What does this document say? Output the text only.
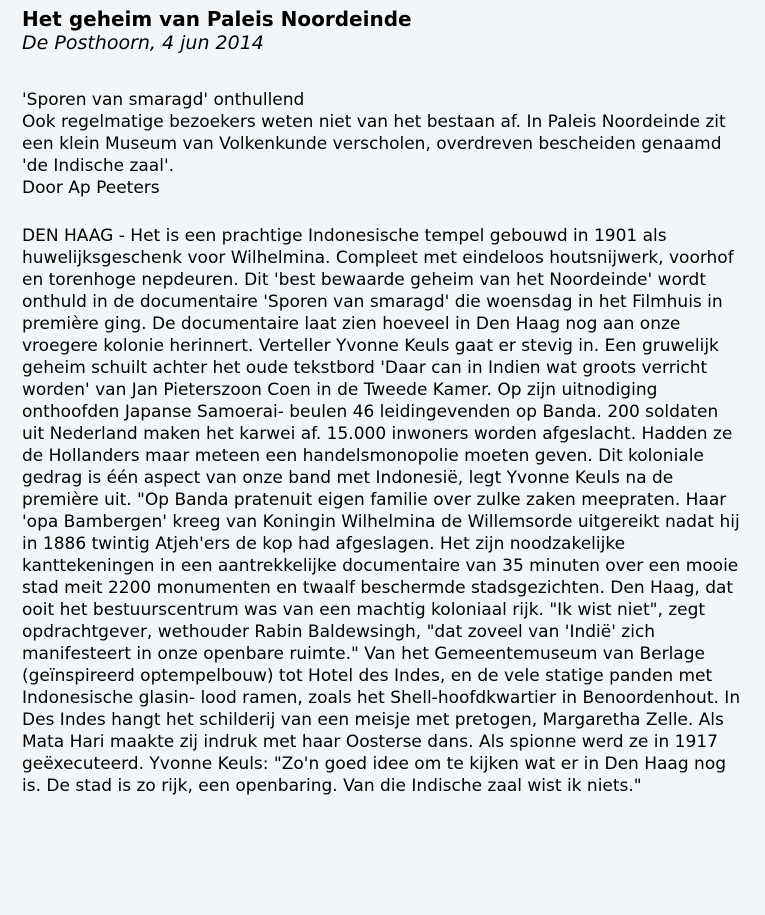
Het geheim van Paleis Noordeinde
De Posthoorn, 4 jun 2014
'Sporen van smaragd' onthullend
Ook regelmatige bezoekers weten niet van het bestaan af. In Paleis Noordeinde zit een klein Museum van Volkenkunde verscholen, overdreven bescheiden genaamd 'de Indische zaal'.
Door Ap Peeters

DEN HAAG - Het is een prachtige Indonesische tempel gebouwd in 1901 als huwelijksgeschenk voor Wilhelmina. Compleet met eindeloos houtsnijwerk, voorhof en torenhoge nepdeuren. Dit 'best bewaarde geheim van het Noordeinde' wordt onthuld in de documentaire 'Sporen van smaragd' die woensdag in het Filmhuis in première ging. De documentaire laat zien hoeveel in Den Haag nog aan onze vroegere kolonie herinnert. Verteller Yvonne Keuls gaat er stevig in. Een gruwelijk geheim schuilt achter het oude tekstbord 'Daar can in Indien wat groots verricht worden' van Jan Pieterszoon Coen in de Tweede Kamer. Op zijn uitnodiging onthoofden Japanse Samoerai- beulen 46 leidingevenden op Banda. 200 soldaten uit Nederland maken het karwei af. 15.000 inwoners worden afgeslacht. Hadden ze de Hollanders maar meteen een handelsmonopolie moeten geven. Dit koloniale gedrag is één aspect van onze band met Indonesië, legt Yvonne Keuls na de première uit. "Op Banda pratenuit eigen familie over zulke zaken meepraten. Haar 'opa Bambergen' kreeg van Koningin Wilhelmina de Willemsorde uitgereikt nadat hij in 1886 twintig Atjeh'ers de kop had afgeslagen. Het zijn noodzakelijke kanttekeningen in een aantrekkelijke documentaire van 35 minuten over een mooie stad meit 2200 monumenten en twaalf beschermde stadsgezichten. Den Haag, dat ooit het bestuurscentrum was van een machtig koloniaal rijk. "Ik wist niet", zegt opdrachtgever, wethouder Rabin Baldewsingh, "dat zoveel van 'Indië' zich manifesteert in onze openbare ruimte." Van het Gemeentemuseum van Berlage (geïnspireerd optempelbouw) tot Hotel des Indes, en de vele statige panden met Indonesische glasin- lood ramen, zoals het Shell-hoofdkwartier in Benoordenhout. In Des Indes hangt het schilderij van een meisje met pretogen, Margaretha Zelle. Als Mata Hari maakte zij indruk met haar Oosterse dans. Als spionne werd ze in 1917 geëxecuteerd. Yvonne Keuls: "Zo'n goed idee om te kijken wat er in Den Haag nog is. De stad is zo rijk, een openbaring. Van die Indische zaal wist ik niets."
